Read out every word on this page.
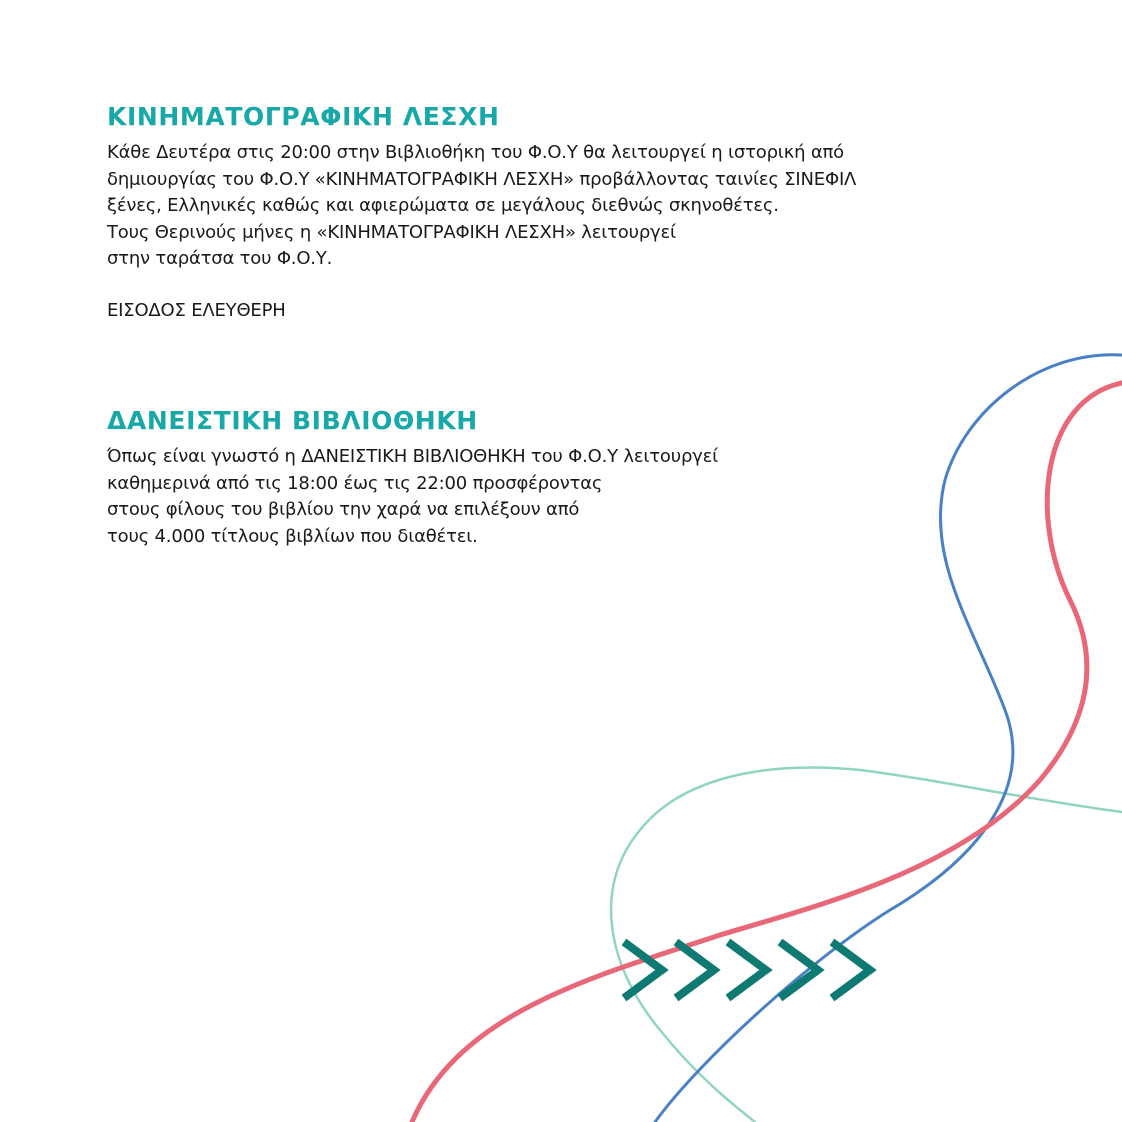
ΚΙΝΗΜΑΤΟΓΡΑΦΙΚΗ ΛΕΣΧΗ

Κάθε Δευτέρα στις 20:00 στην Βιβλιοθήκη του Φ.Ο.Υ θα λειτουργεί η ιστορική από
δημιουργίας του Φ.Ο.Υ «ΚΙΝΗΜΑΤΟΓΡΑΦΙΚΗ ΛΕΣΧΗ» προβάλλοντας ταινίες ΣΙΝΕΦΙΛ
ξένες, Ελληνικές καθώς και αφιερώματα σε μεγάλους διεθνώς σκηνοθέτες.
Τους Θερινούς μήνες η «ΚΙΝΗΜΑΤΟΓΡΑΦΙΚΗ ΛΕΣΧΗ» λειτουργεί
στην ταράτσα του Φ.Ο.Υ.

ΕΙΣΟΔΟΣ ΕΛΕΥΘΕΡΗ

ΔΑΝΕΙΣΤΙΚΗ ΒΙΒΛΙΟΘΗΚΗ

Όπως είναι γνωστό η ΔΑΝΕΙΣΤΙΚΗ ΒΙΒΛΙΟΘΗΚΗ του Φ.Ο.Υ λειτουργεί
καθημερινά από τις 18:00 έως τις 22:00 προσφέροντας
στους φίλους του βιβλίου την χαρά να επιλέξουν από
τους 4.000 τίτλους βιβλίων που διαθέτει.
